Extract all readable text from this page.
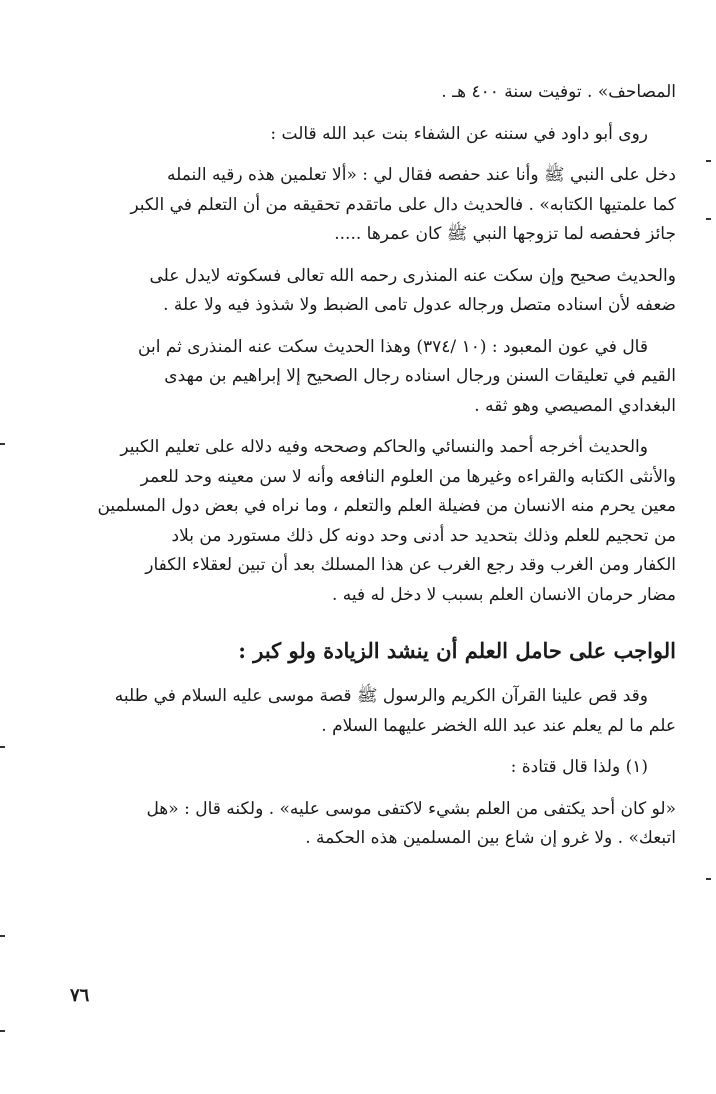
المصاحف» . توفيت سنة ٤٠٠ هـ .
روى أبو داود في سننه عن الشفاء بنت عبد الله قالت :
دخل على النبي ﷺ وأنا عند حفصه فقال لي : «ألا تعلمين هذه رقيه النمله
كما علمتيها الكتابه» . فالحديث دال على ماتقدم تحقيقه من أن التعلم في الكبر
جائز فحفصه لما تزوجها النبي ﷺ كان عمرها .....
والحديث صحيح وإن سكت عنه المنذرى رحمه الله تعالى فسكوته لايدل على
ضعفه لأن اسناده متصل ورجاله عدول تامى الضبط ولا شذوذ فيه ولا علة .
قال في عون المعبود : (١٠ /٣٧٤) وهذا الحديث سكت عنه المنذرى ثم ابن
القيم في تعليقات السنن ورجال اسناده رجال الصحيح إلا إبراهيم بن مهدى
البغدادي المصيصي وهو ثقه .
والحديث أخرجه أحمد والنسائي والحاكم وصححه وفيه دلاله على تعليم الكبير
والأنثى الكتابه والقراءه وغيرها من العلوم النافعه وأنه لا سن معينه وحد للعمر
معين يحرم منه الانسان من فضيلة العلم والتعلم ، وما نراه في بعض دول المسلمين
من تحجيم للعلم وذلك بتحديد حد أدنى وحد دونه كل ذلك مستورد من بلاد
الكفار ومن الغرب وقد رجع الغرب عن هذا المسلك بعد أن تبين لعقلاء الكفار
مضار حرمان الانسان العلم بسبب لا دخل له فيه .
الواجب على حامل العلم أن ينشد الزيادة ولو كبر :
وقد قص علينا القرآن الكريم والرسول ﷺ قصة موسى عليه السلام في طلبه
علم ما لم يعلم عند عبد الله الخضر عليهما السلام .
(١) ولذا قال قتادة :
«لو كان أحد يكتفى من العلم بشيء لاكتفى موسى عليه» . ولكنه قال : «هل
اتبعك» . ولا غرو إن شاع بين المسلمين هذه الحكمة .
٧٦
